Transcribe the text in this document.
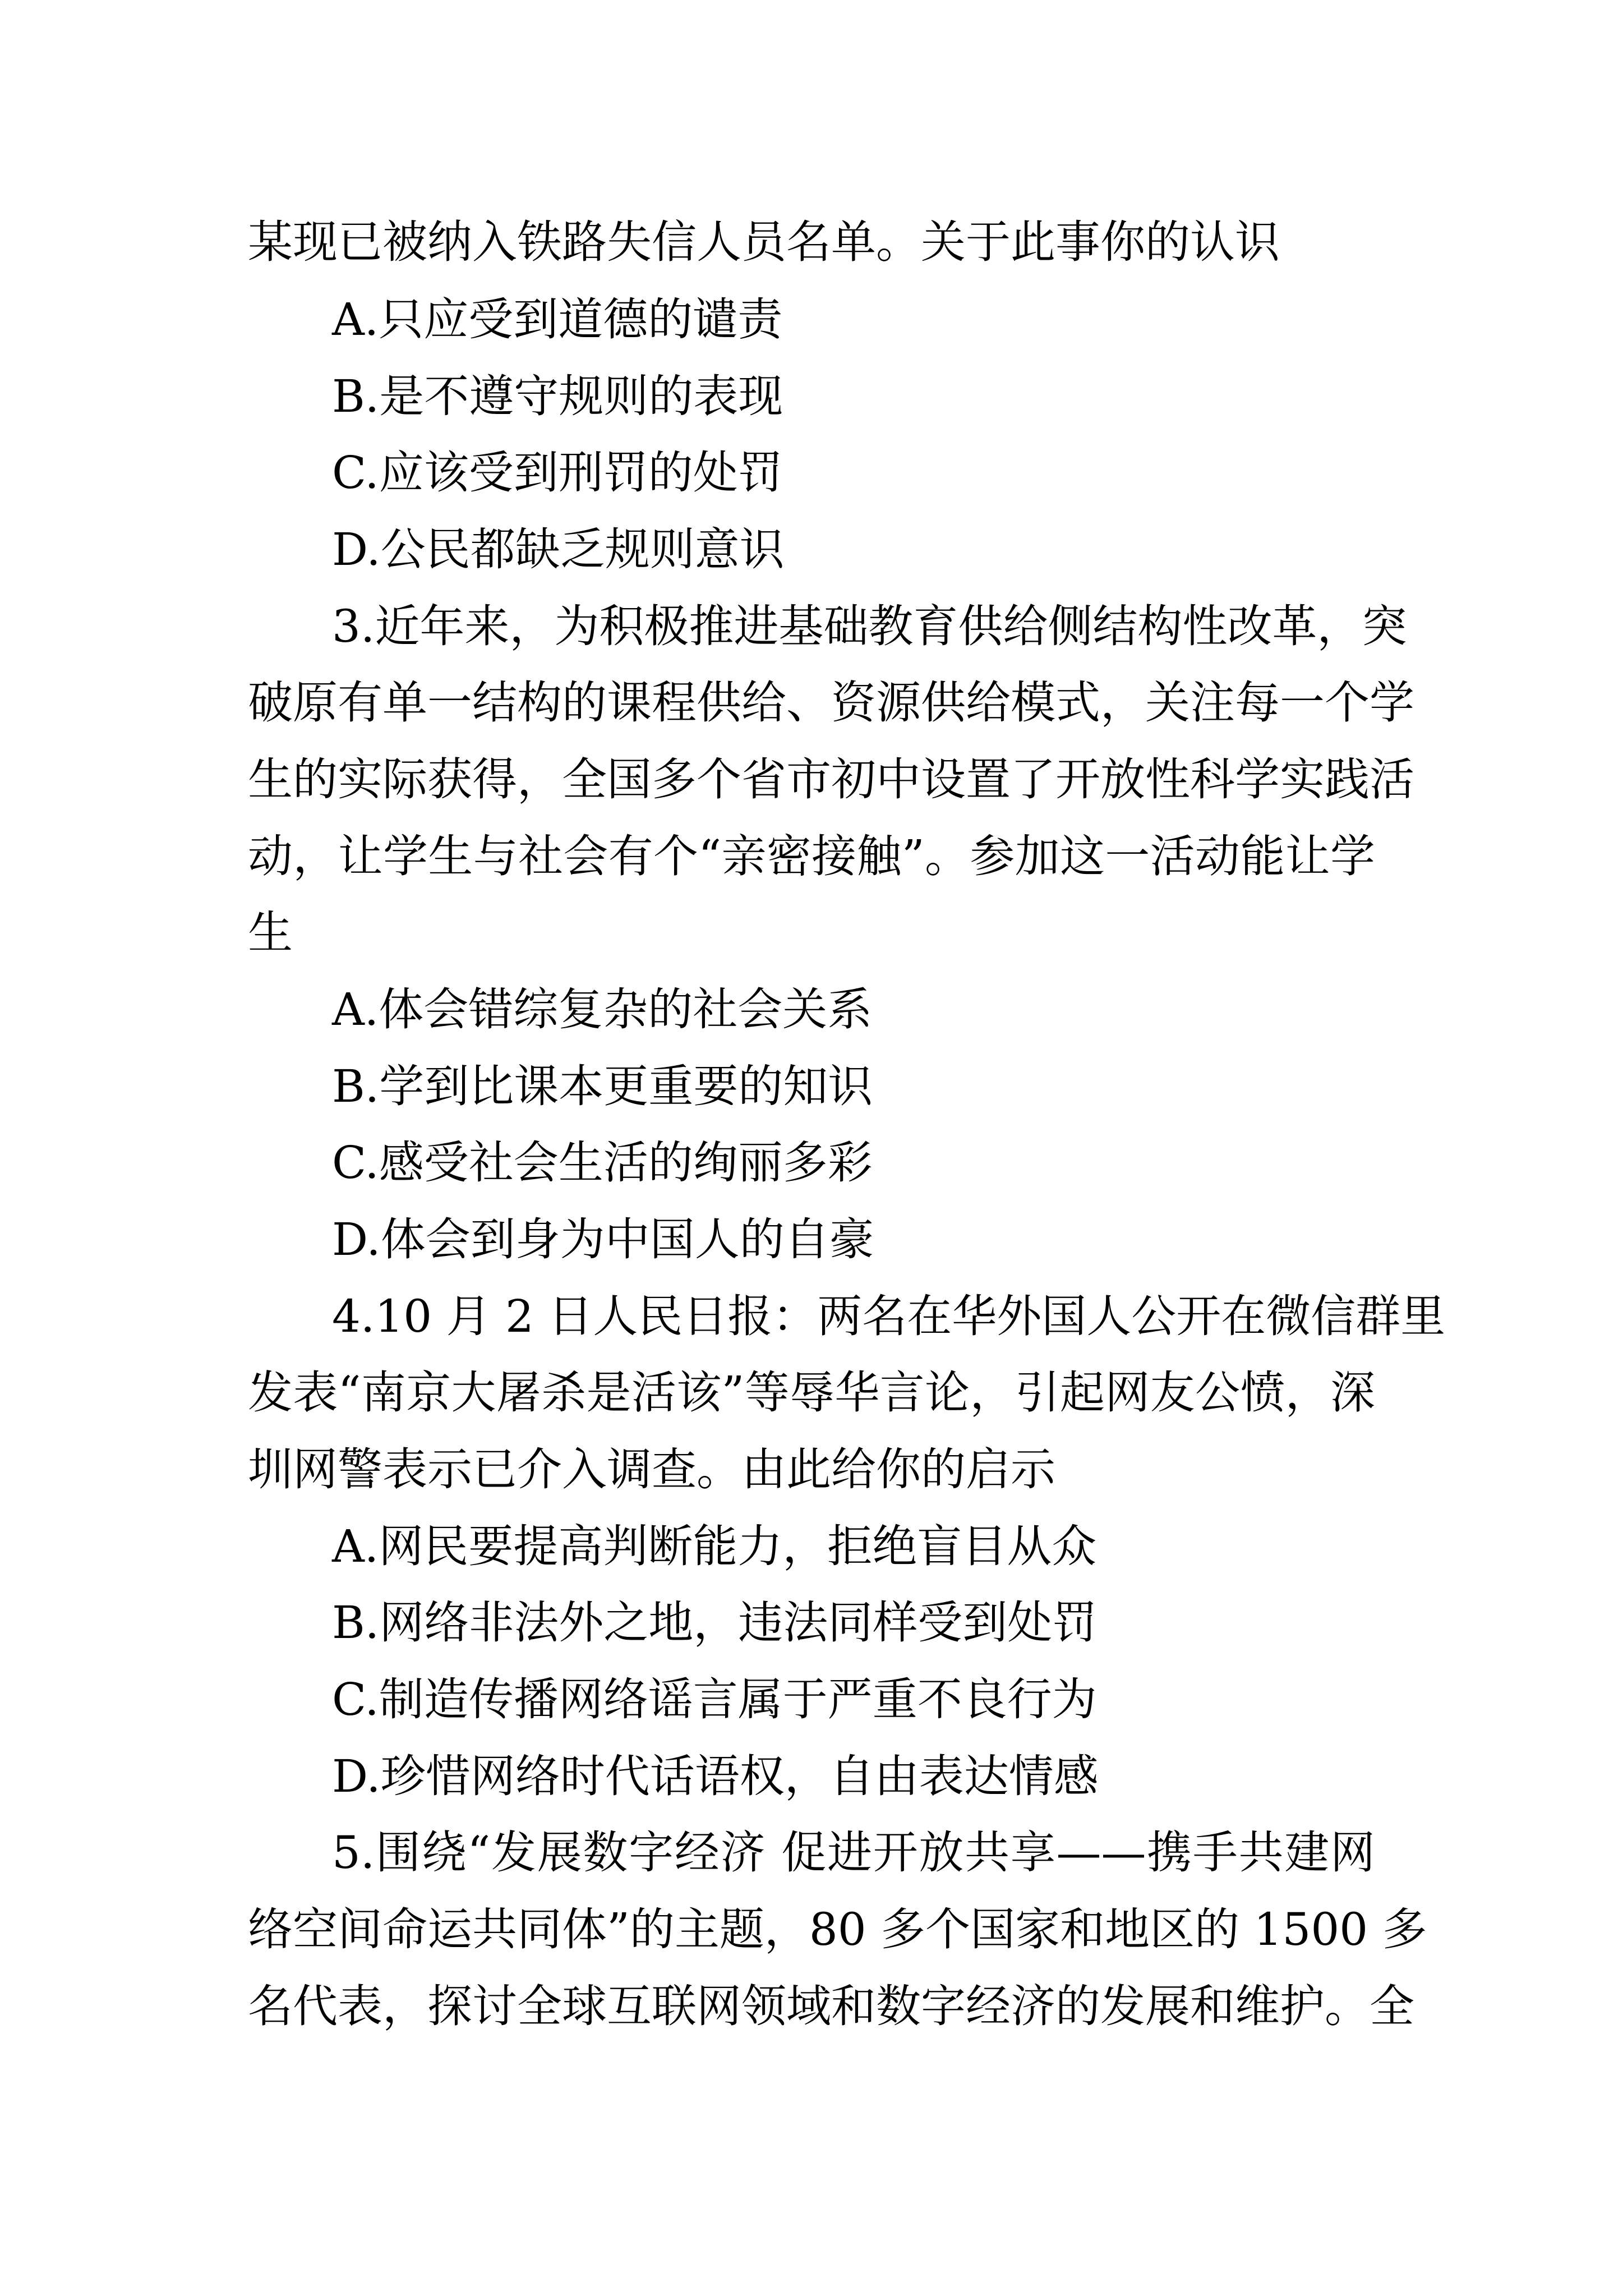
某现已被纳入铁路失信人员名单。关于此事你的认识
A.只应受到道德的谴责
B.是不遵守规则的表现
C.应该受到刑罚的处罚
D.公民都缺乏规则意识
3.近年来，为积极推进基础教育供给侧结构性改革，突
破原有单一结构的课程供给、资源供给模式，关注每一个学
生的实际获得，全国多个省市初中设置了开放性科学实践活
动，让学生与社会有个“亲密接触”。参加这一活动能让学
生
A.体会错综复杂的社会关系
B.学到比课本更重要的知识
C.感受社会生活的绚丽多彩
D.体会到身为中国人的自豪
4.10 月 2 日人民日报：两名在华外国人公开在微信群里
发表“南京大屠杀是活该”等辱华言论，引起网友公愤，深
圳网警表示已介入调查。由此给你的启示
A.网民要提高判断能力，拒绝盲目从众
B.网络非法外之地，违法同样受到处罚
C.制造传播网络谣言属于严重不良行为
D.珍惜网络时代话语权，自由表达情感
5.围绕“发展数字经济 促进开放共享——携手共建网
络空间命运共同体”的主题，80 多个国家和地区的 1500 多
名代表，探讨全球互联网领域和数字经济的发展和维护。全
